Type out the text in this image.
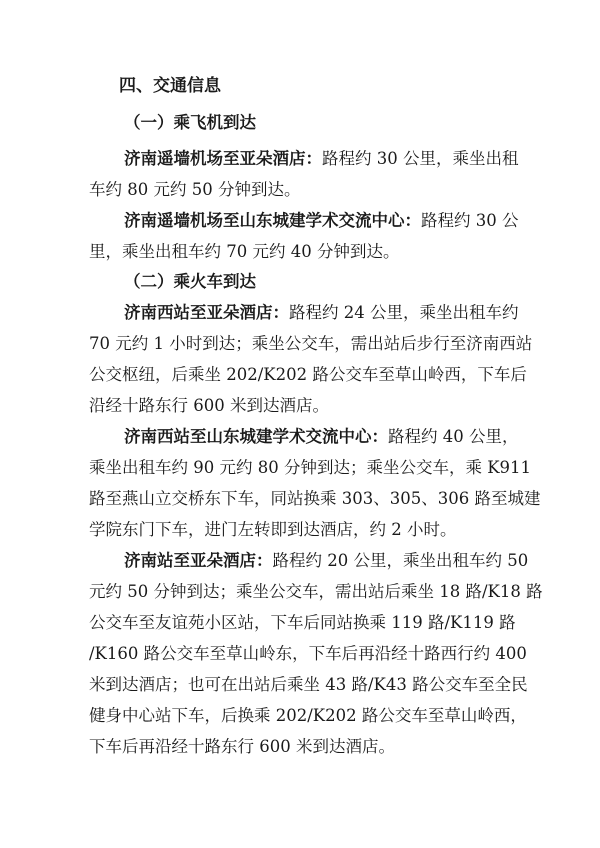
四、交通信息
（一）乘飞机到达
济南遥墙机场至亚朵酒店：路程约 30 公里，乘坐出租
车约 80 元约 50 分钟到达。
济南遥墙机场至山东城建学术交流中心：路程约 30 公
里，乘坐出租车约 70 元约 40 分钟到达。
（二）乘火车到达
济南西站至亚朵酒店：路程约 24 公里，乘坐出租车约
70 元约 1 小时到达；乘坐公交车，需出站后步行至济南西站
公交枢纽，后乘坐 202/K202 路公交车至草山岭西，下车后
沿经十路东行 600 米到达酒店。
济南西站至山东城建学术交流中心：路程约 40 公里，
乘坐出租车约 90 元约 80 分钟到达；乘坐公交车，乘 K911
路至燕山立交桥东下车，同站换乘 303、305、306 路至城建
学院东门下车，进门左转即到达酒店，约 2 小时。
济南站至亚朵酒店：路程约 20 公里，乘坐出租车约 50
元约 50 分钟到达；乘坐公交车，需出站后乘坐 18 路/K18 路
公交车至友谊苑小区站，下车后同站换乘 119 路/K119 路
/K160 路公交车至草山岭东，下车后再沿经十路西行约 400
米到达酒店；也可在出站后乘坐 43 路/K43 路公交车至全民
健身中心站下车，后换乘 202/K202 路公交车至草山岭西，
下车后再沿经十路东行 600 米到达酒店。
